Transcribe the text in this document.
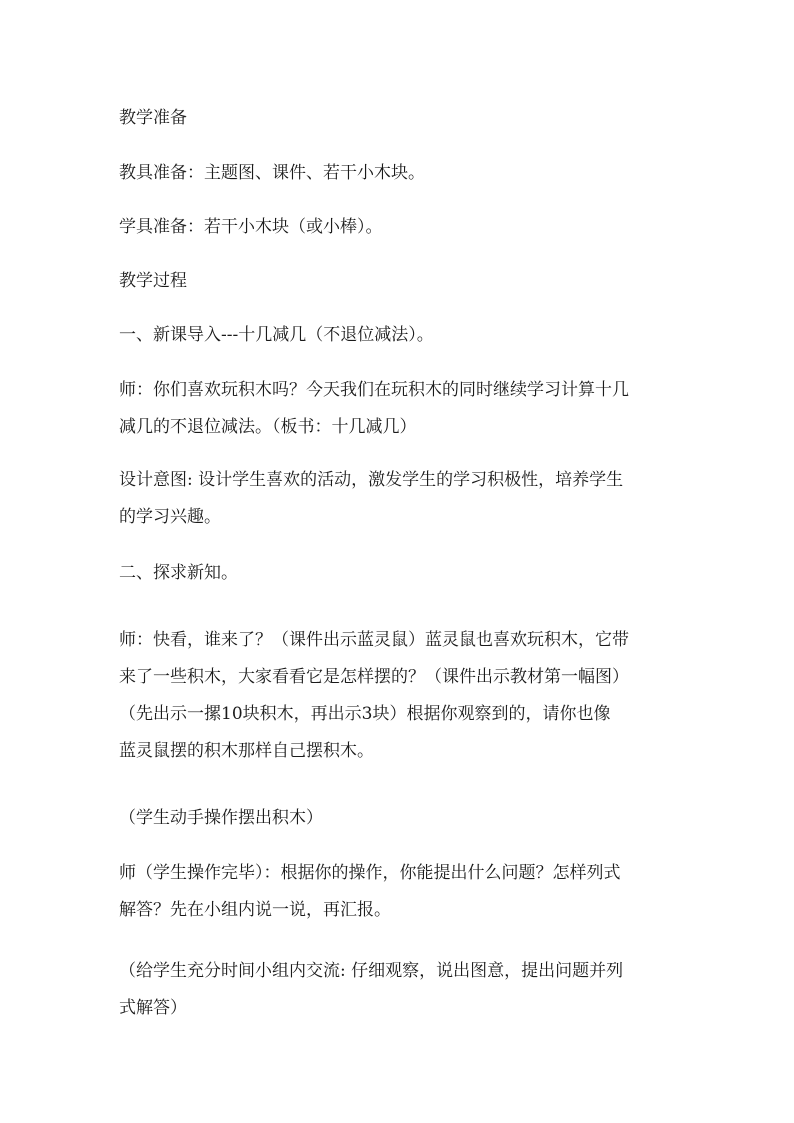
教学准备

教具准备：主题图、课件、若干小木块。

学具准备：若干小木块（或小棒）。

教学过程

一、新课导入---十几减几（不退位减法）。

师：你们喜欢玩积木吗？今天我们在玩积木的同时继续学习计算十几
减几的不退位减法。（板书：十几减几）

设计意图: 设计学生喜欢的活动，激发学生的学习积极性，培养学生
的学习兴趣。

二、探求新知。

师：快看，谁来了？（课件出示蓝灵鼠）蓝灵鼠也喜欢玩积木，它带
来了一些积木，大家看看它是怎样摆的？（课件出示教材第一幅图）
（先出示一摞10块积木，再出示3块）根据你观察到的，请你也像
蓝灵鼠摆的积木那样自己摆积木。

（学生动手操作摆出积木）

师（学生操作完毕）：根据你的操作，你能提出什么问题？怎样列式
解答？先在小组内说一说，再汇报。

（给学生充分时间小组内交流: 仔细观察，说出图意，提出问题并列
式解答）
